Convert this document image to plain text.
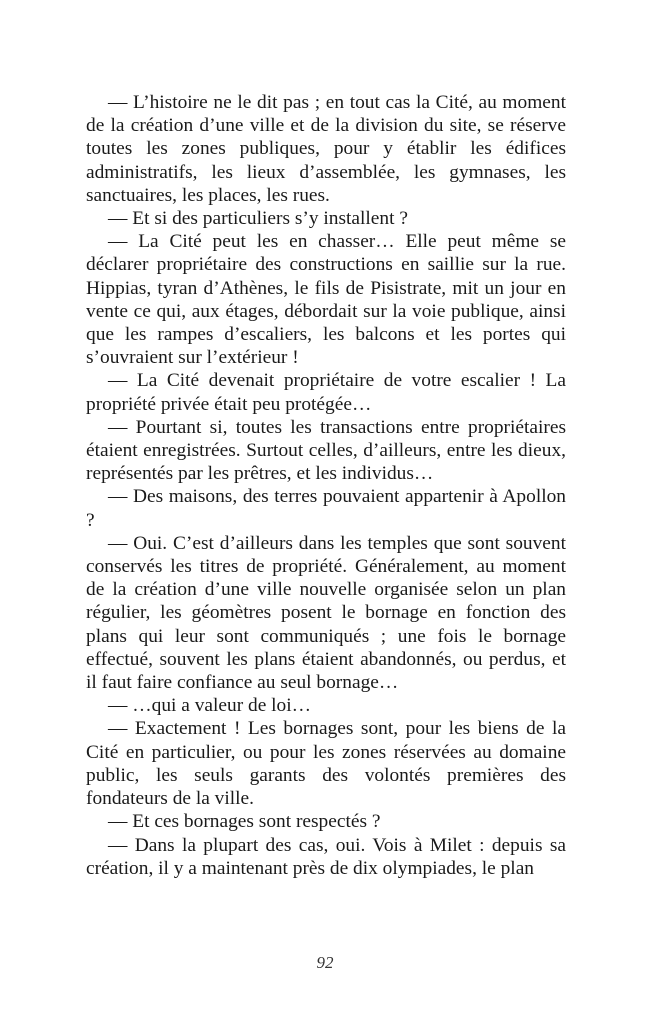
— L’histoire ne le dit pas ; en tout cas la Cité, au moment de la création d’une ville et de la division du site, se réserve toutes les zones publiques, pour y établir les édifices administratifs, les lieux d’assemblée, les gymnases, les sanctuaires, les places, les rues.

— Et si des particuliers s’y installent ?

— La Cité peut les en chasser… Elle peut même se déclarer propriétaire des constructions en saillie sur la rue. Hippias, tyran d’Athènes, le fils de Pisistrate, mit un jour en vente ce qui, aux étages, débordait sur la voie publique, ainsi que les rampes d’escaliers, les balcons et les portes qui s’ouvraient sur l’extérieur !

— La Cité devenait propriétaire de votre escalier ! La propriété privée était peu protégée…

— Pourtant si, toutes les transactions entre propriétaires étaient enregistrées. Surtout celles, d’ailleurs, entre les dieux, représentés par les prêtres, et les individus…

— Des maisons, des terres pouvaient appartenir à Apollon ?

— Oui. C’est d’ailleurs dans les temples que sont souvent conservés les titres de propriété. Généralement, au moment de la création d’une ville nouvelle organisée selon un plan régulier, les géomètres posent le bornage en fonction des plans qui leur sont communiqués ; une fois le bornage effectué, souvent les plans étaient abandonnés, ou perdus, et il faut faire confiance au seul bornage…

— …qui a valeur de loi…

— Exactement ! Les bornages sont, pour les biens de la Cité en particulier, ou pour les zones réservées au domaine public, les seuls garants des volontés premières des fondateurs de la ville.

— Et ces bornages sont respectés ?

— Dans la plupart des cas, oui. Vois à Milet : depuis sa création, il y a maintenant près de dix olympiades, le plan

92
